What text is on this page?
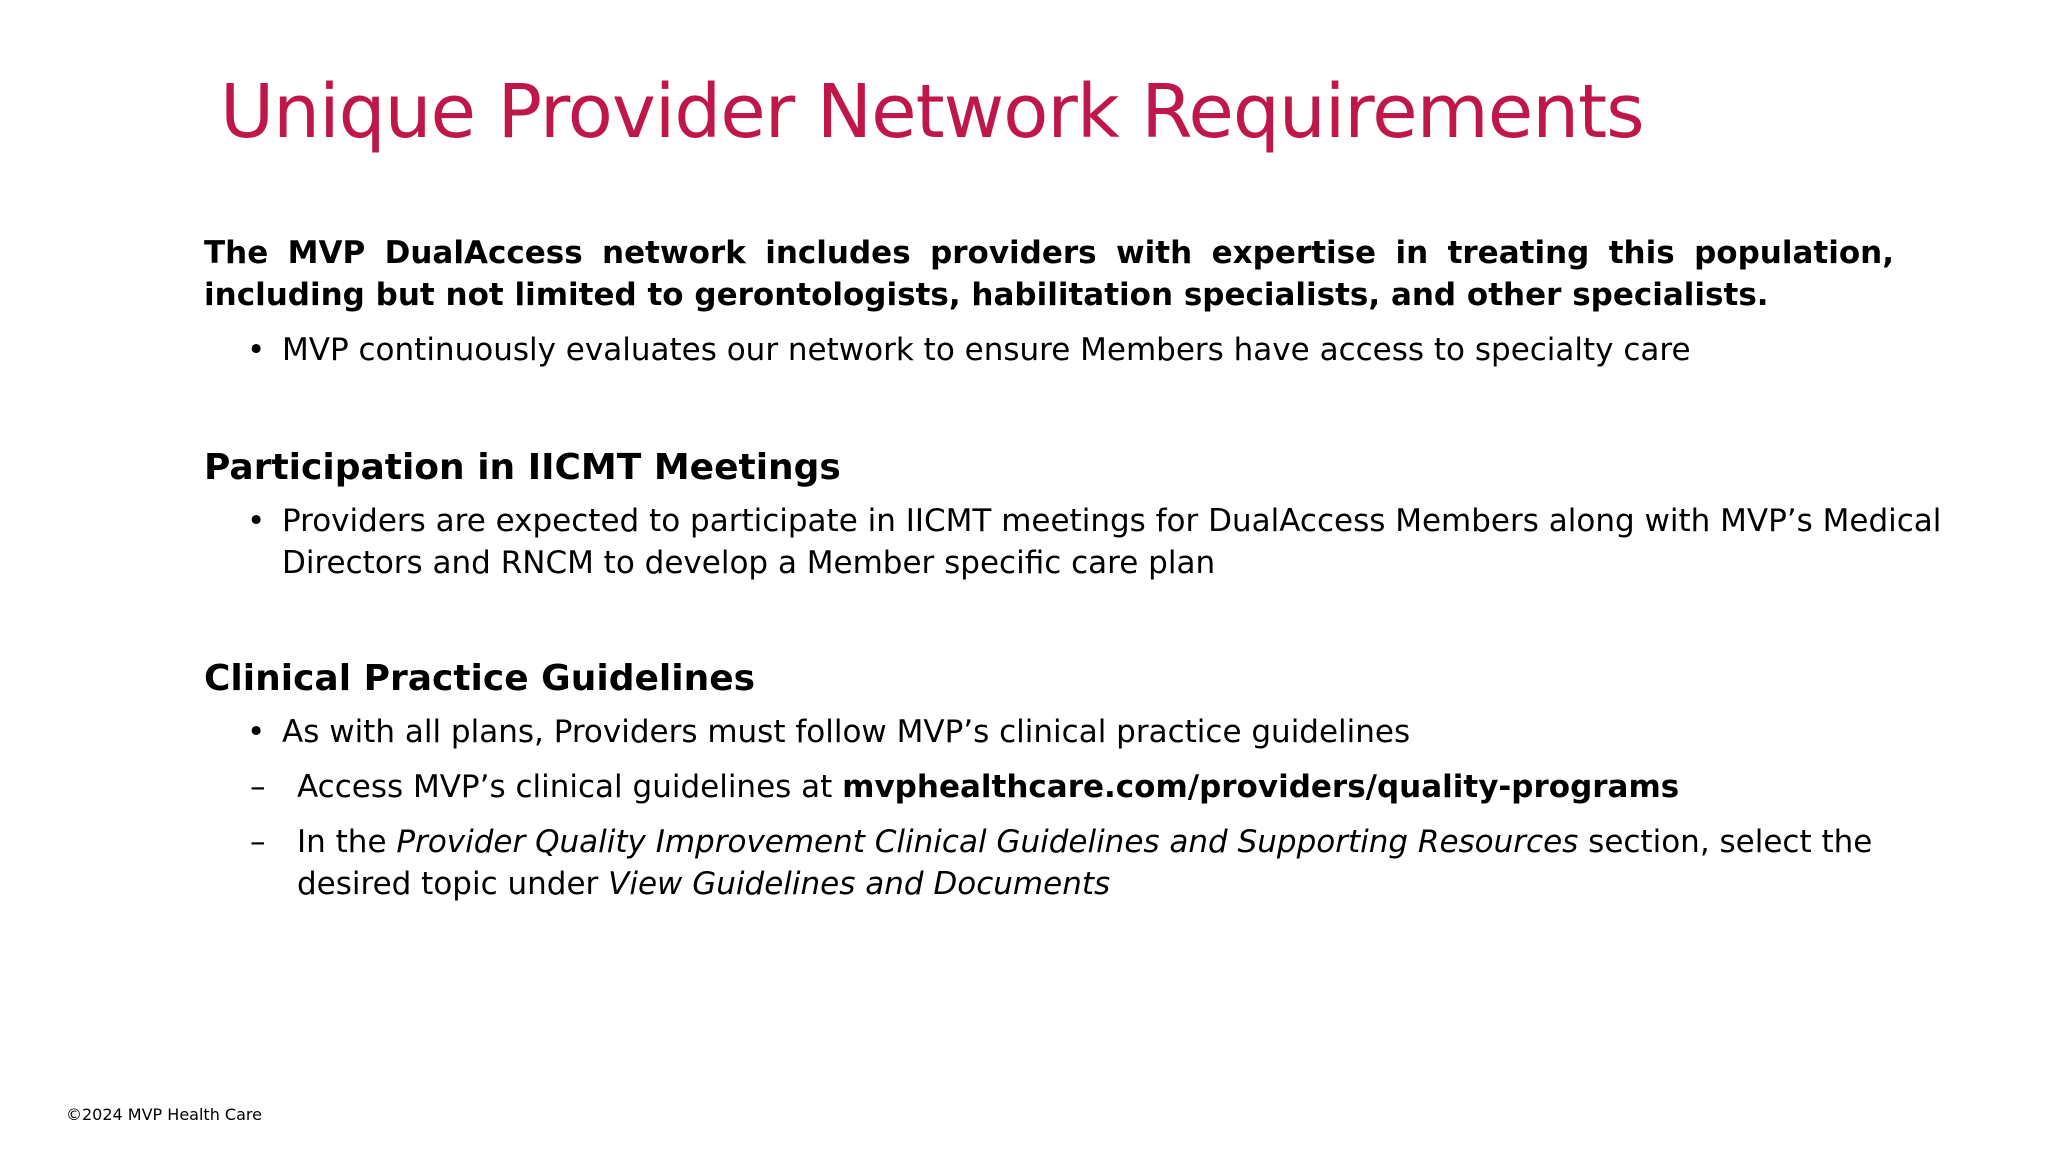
Unique Provider Network Requirements

The MVP DualAccess network includes providers with expertise in treating this population, including but not limited to gerontologists, habilitation specialists, and other specialists.

• MVP continuously evaluates our network to ensure Members have access to specialty care
Participation in IICMT Meetings
• Providers are expected to participate in IICMT meetings for DualAccess Members along with MVP’s Medical Directors and RNCM to develop a Member specific care plan
Clinical Practice Guidelines
• As with all plans, Providers must follow MVP’s clinical practice guidelines
– Access MVP’s clinical guidelines at mvphealthcare.com/providers/quality-programs
– In the Provider Quality Improvement Clinical Guidelines and Supporting Resources section, select the desired topic under View Guidelines and Documents
©2024 MVP Health Care
